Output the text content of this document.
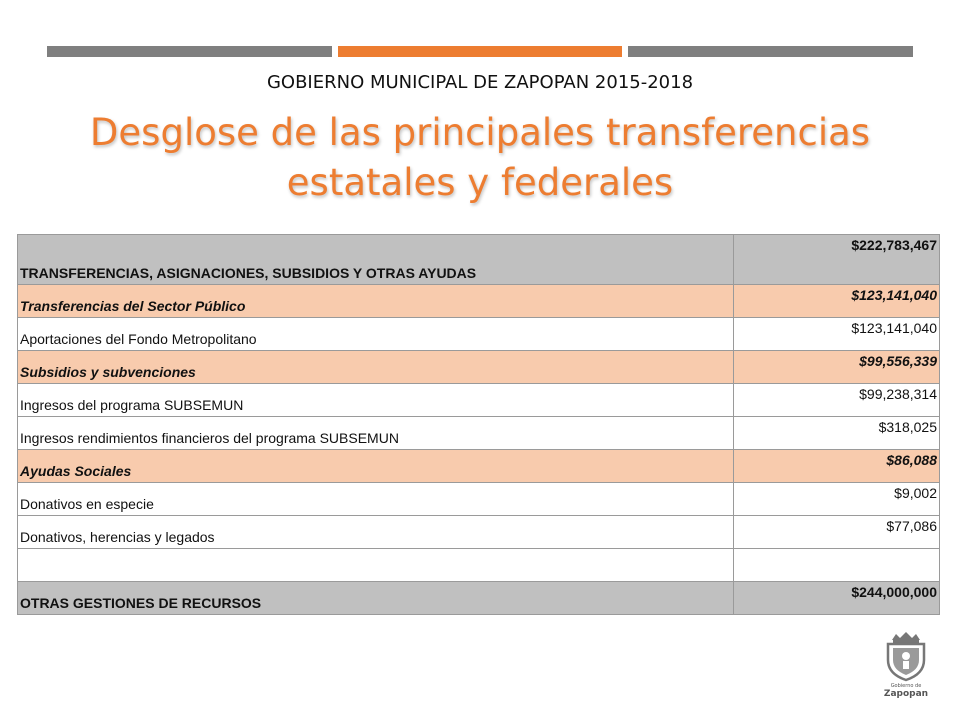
GOBIERNO MUNICIPAL DE ZAPOPAN 2015-2018
Desglose de las principales transferencias
estatales y federales
TRANSFERENCIAS, ASIGNACIONES, SUBSIDIOS Y OTRAS AYUDAS	$222,783,467
Transferencias del Sector Público	$123,141,040
Aportaciones del Fondo Metropolitano	$123,141,040
Subsidios y subvenciones	$99,556,339
Ingresos del programa SUBSEMUN	$99,238,314
Ingresos rendimientos financieros del programa SUBSEMUN	$318,025
Ayudas Sociales	$86,088
Donativos en especie	$9,002
Donativos, herencias y legados	$77,086

OTRAS GESTIONES DE RECURSOS	$244,000,000
Gobierno de
Zapopan
